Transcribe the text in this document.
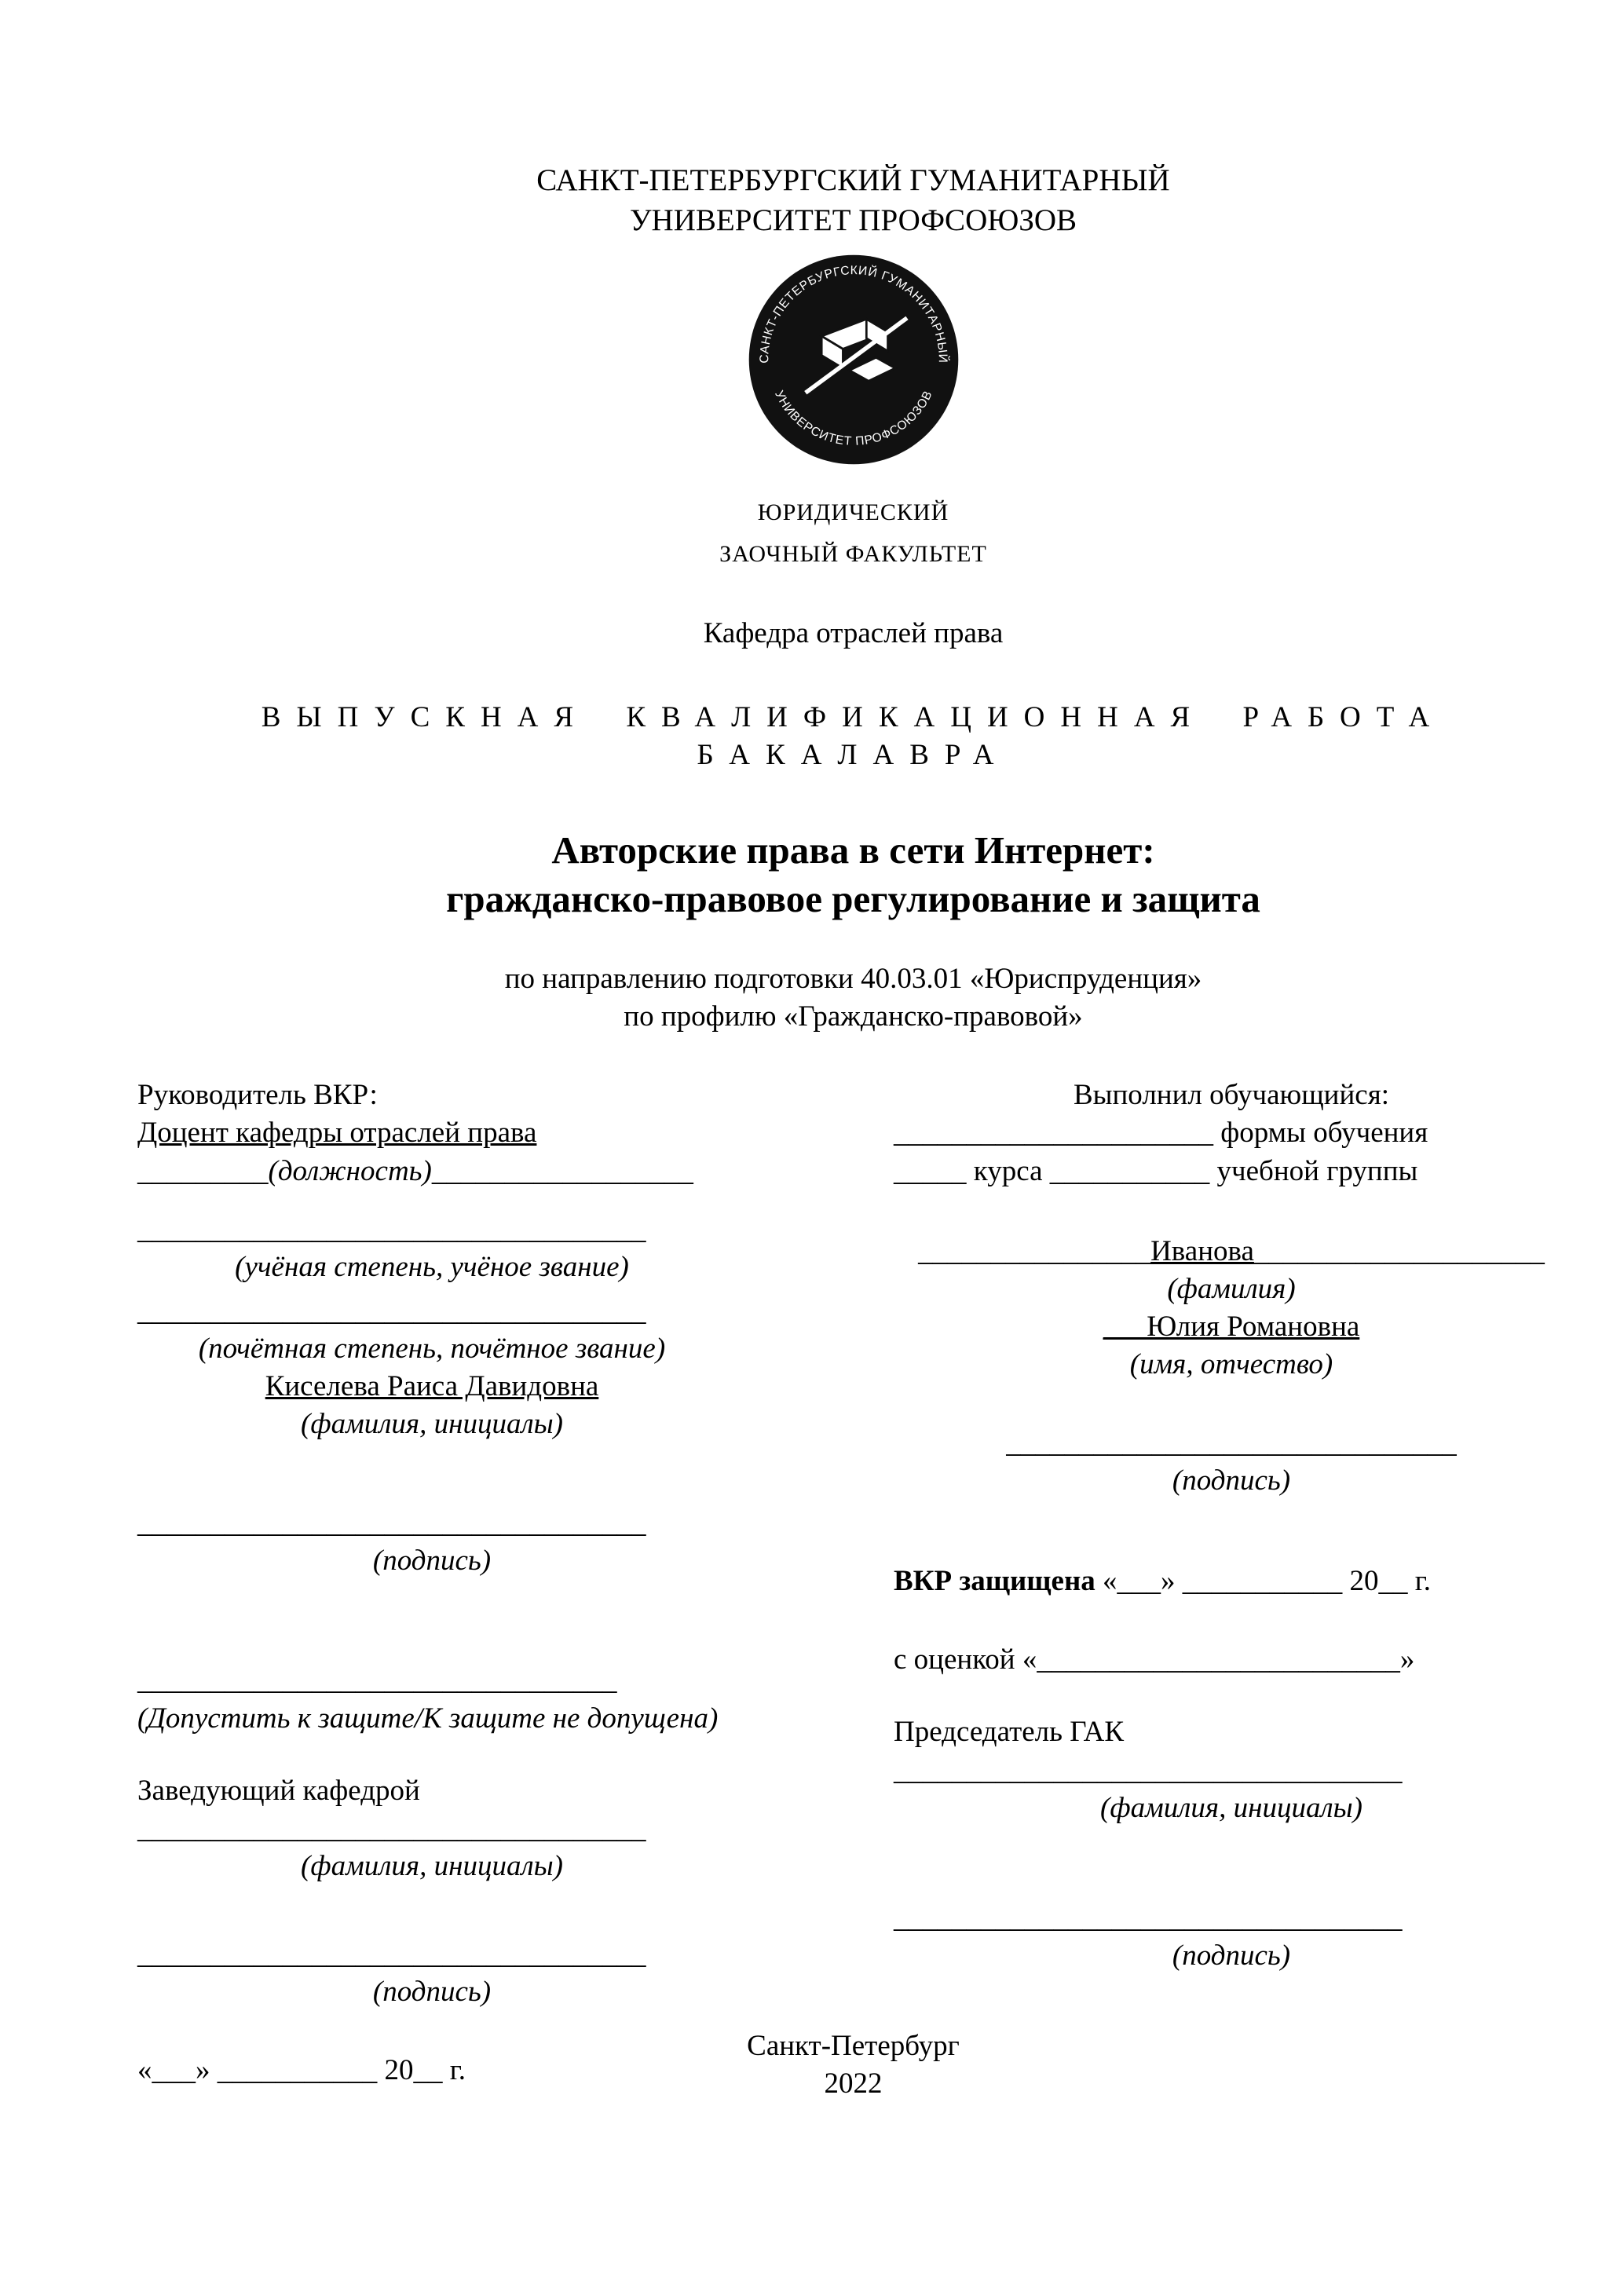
САНКТ-ПЕТЕРБУРГСКИЙ ГУМАНИТАРНЫЙ
УНИВЕРСИТЕТ ПРОФСОЮЗОВ
САНКТ-ПЕТЕРБУРГСКИЙ ГУМАНИТАРНЫЙ
УНИВЕРСИТЕТ ПРОФСОЮЗОВ
ЮРИДИЧЕСКИЙ
ЗАОЧНЫЙ ФАКУЛЬТЕТ
Кафедра отраслей права
ВЫПУСКНАЯ КВАЛИФИКАЦИОННАЯ РАБОТА
БАКАЛАВРА
Авторские права в сети Интернет:
гражданско-правовое регулирование и защита
по направлению подготовки 40.03.01 «Юриспруденция»
по профилю «Гражданско-правовой»
Руководитель ВКР:
Доцент кафедры отраслей права
_________(должность)__________________
___________________________________
(учёная степень, учёное звание)
___________________________________
(почётная степень, почётное звание)
Киселева Раиса Давидовна
(фамилия, инициалы)
___________________________________
(подпись)
_________________________________
(Допустить к защите/К защите не допущена)
Заведующий кафедрой
___________________________________
(фамилия, инициалы)
___________________________________
(подпись)
«___» ___________ 20__ г.
Выполнил обучающийся:
______________________ формы обучения
_____ курса ___________ учебной группы
________________Иванова____________________
(фамилия)
___Юлия Романовна
(имя, отчество)
_______________________________
(подпись)
ВКР защищена «___» ___________ 20__ г.
с оценкой «_________________________»
Председатель ГАК
___________________________________
(фамилия, инициалы)
___________________________________
(подпись)
Санкт-Петербург
2022
